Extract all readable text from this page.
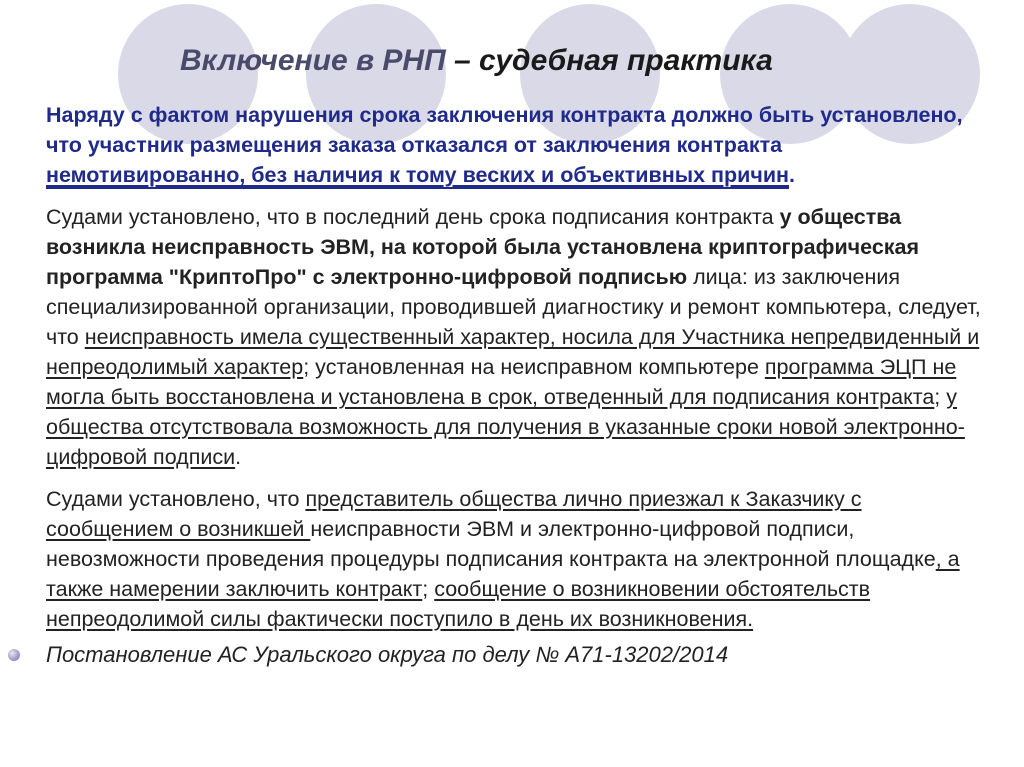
Включение в РНП – судебная практика

Наряду с фактом нарушения срока заключения контракта должно быть установлено, что участник размещения заказа отказался от заключения контракта немотивированно, без наличия к тому веских и объективных причин.

Судами установлено, что в последний день срока подписания контракта у общества возникла неисправность ЭВМ, на которой была установлена криптографическая программа "КриптоПро" с электронно-цифровой подписью лица: из заключения специализированной организации, проводившей диагностику и ремонт компьютера, следует, что неисправность имела существенный характер, носила для Участника непредвиденный и непреодолимый характер; установленная на неисправном компьютере программа ЭЦП не могла быть восстановлена и установлена в срок, отведенный для подписания контракта; у общества отсутствовала возможность для получения в указанные сроки новой электронно-цифровой подписи.

Судами установлено, что представитель общества лично приезжал к Заказчику с сообщением о возникшей неисправности ЭВМ и электронно-цифровой подписи, невозможности проведения процедуры подписания контракта на электронной площадке, а также намерении заключить контракт; сообщение о возникновении обстоятельств непреодолимой силы фактически поступило в день их возникновения.

Постановление АС Уральского округа по делу № А71-13202/2014
